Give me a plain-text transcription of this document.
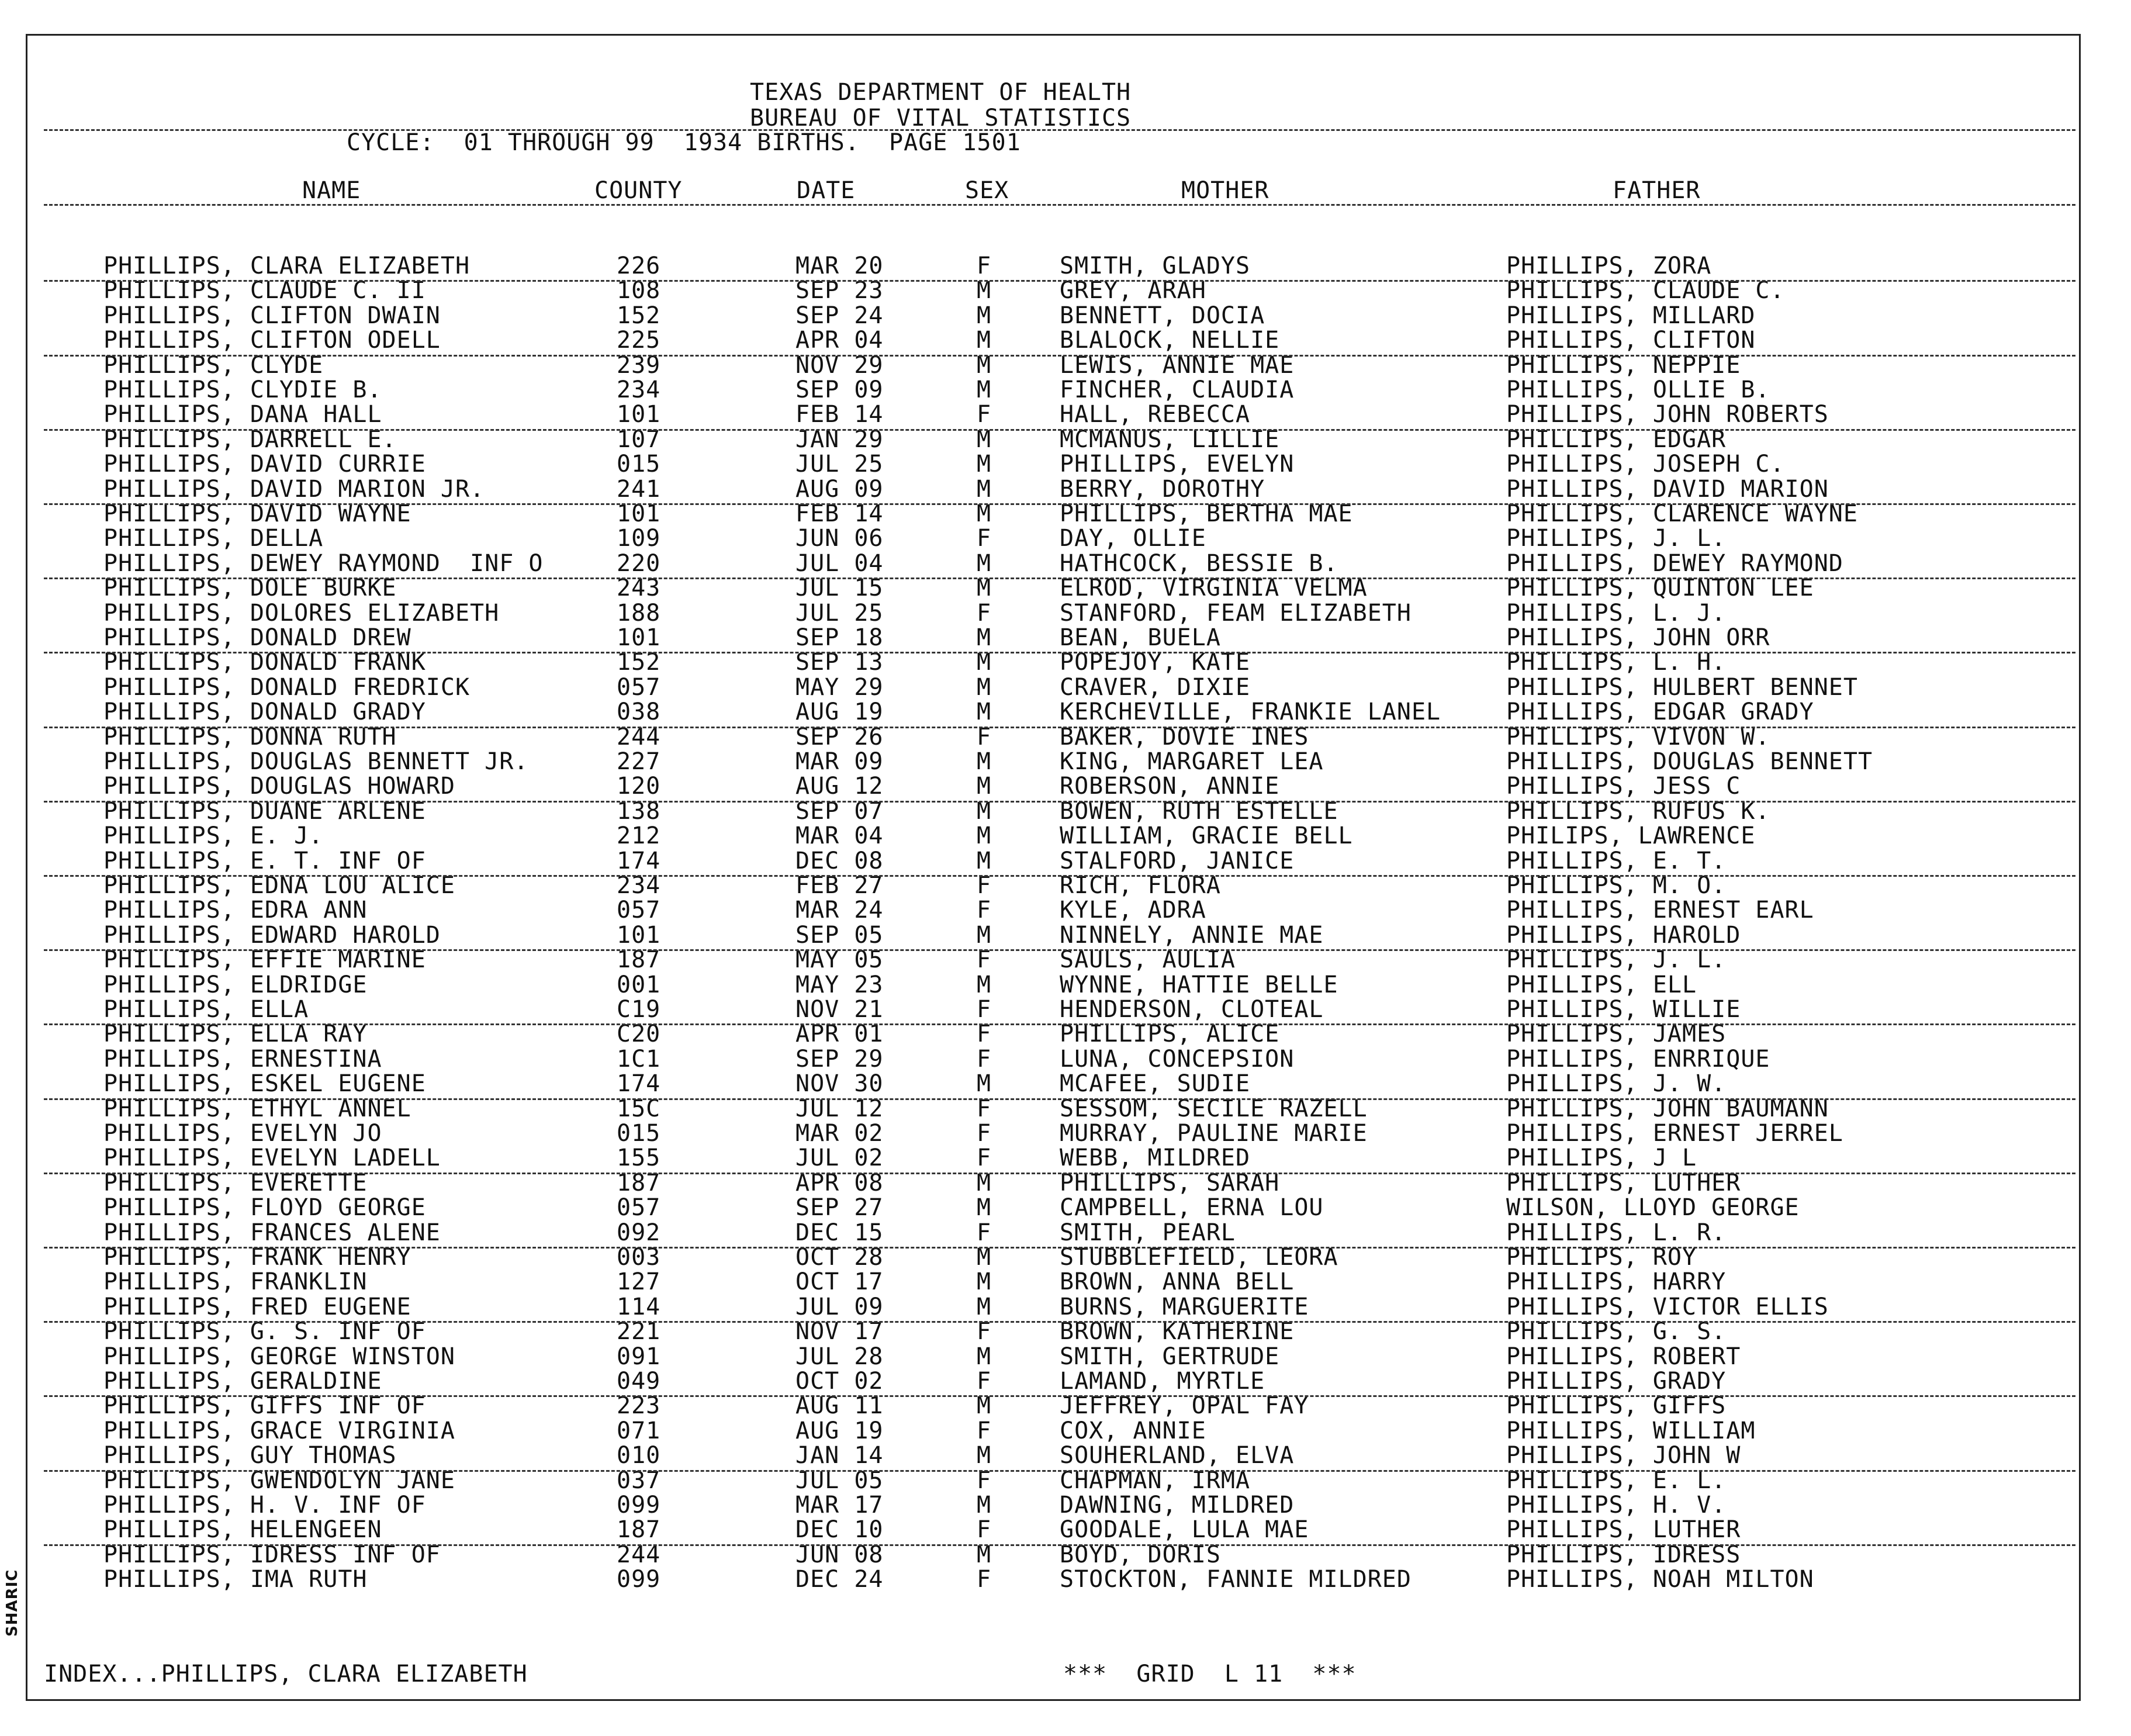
TEXAS DEPARTMENT OF HEALTH
BUREAU OF VITAL STATISTICS
CYCLE:  01 THROUGH 99  1934 BIRTHS.  PAGE 1501
NAME	COUNTY	DATE	SEX	MOTHER	FATHER
PHILLIPS, CLARA ELIZABETH	226	MAR 20	F	SMITH, GLADYS	PHILLIPS, ZORA
PHILLIPS, CLAUDE C. II	108	SEP 23	M	GREY, ARAH	PHILLIPS, CLAUDE C.
PHILLIPS, CLIFTON DWAIN	152	SEP 24	M	BENNETT, DOCIA	PHILLIPS, MILLARD
PHILLIPS, CLIFTON ODELL	225	APR 04	M	BLALOCK, NELLIE	PHILLIPS, CLIFTON
PHILLIPS, CLYDE	239	NOV 29	M	LEWIS, ANNIE MAE	PHILLIPS, NEPPIE
PHILLIPS, CLYDIE B.	234	SEP 09	M	FINCHER, CLAUDIA	PHILLIPS, OLLIE B.
PHILLIPS, DANA HALL	101	FEB 14	F	HALL, REBECCA	PHILLIPS, JOHN ROBERTS
PHILLIPS, DARRELL E.	107	JAN 29	M	MCMANUS, LILLIE	PHILLIPS, EDGAR
PHILLIPS, DAVID CURRIE	015	JUL 25	M	PHILLIPS, EVELYN	PHILLIPS, JOSEPH C.
PHILLIPS, DAVID MARION JR.	241	AUG 09	M	BERRY, DOROTHY	PHILLIPS, DAVID MARION
PHILLIPS, DAVID WAYNE	101	FEB 14	M	PHILLIPS, BERTHA MAE	PHILLIPS, CLARENCE WAYNE
PHILLIPS, DELLA	109	JUN 06	F	DAY, OLLIE	PHILLIPS, J. L.
PHILLIPS, DEWEY RAYMOND  INF O	220	JUL 04	M	HATHCOCK, BESSIE B.	PHILLIPS, DEWEY RAYMOND
PHILLIPS, DOLE BURKE	243	JUL 15	M	ELROD, VIRGINIA VELMA	PHILLIPS, QUINTON LEE
PHILLIPS, DOLORES ELIZABETH	188	JUL 25	F	STANFORD, FEAM ELIZABETH	PHILLIPS, L. J.
PHILLIPS, DONALD DREW	101	SEP 18	M	BEAN, BUELA	PHILLIPS, JOHN ORR
PHILLIPS, DONALD FRANK	152	SEP 13	M	POPEJOY, KATE	PHILLIPS, L. H.
PHILLIPS, DONALD FREDRICK	057	MAY 29	M	CRAVER, DIXIE	PHILLIPS, HULBERT BENNET
PHILLIPS, DONALD GRADY	038	AUG 19	M	KERCHEVILLE, FRANKIE LANEL	PHILLIPS, EDGAR GRADY
PHILLIPS, DONNA RUTH	244	SEP 26	F	BAKER, DOVIE INES	PHILLIPS, VIVON W.
PHILLIPS, DOUGLAS BENNETT JR.	227	MAR 09	M	KING, MARGARET LEA	PHILLIPS, DOUGLAS BENNETT
PHILLIPS, DOUGLAS HOWARD	120	AUG 12	M	ROBERSON, ANNIE	PHILLIPS, JESS C
PHILLIPS, DUANE ARLENE	138	SEP 07	M	BOWEN, RUTH ESTELLE	PHILLIPS, RUFUS K.
PHILLIPS, E. J.	212	MAR 04	M	WILLIAM, GRACIE BELL	PHILIPS, LAWRENCE
PHILLIPS, E. T. INF OF	174	DEC 08	M	STALFORD, JANICE	PHILLIPS, E. T.
PHILLIPS, EDNA LOU ALICE	234	FEB 27	F	RICH, FLORA	PHILLIPS, M. O.
PHILLIPS, EDRA ANN	057	MAR 24	F	KYLE, ADRA	PHILLIPS, ERNEST EARL
PHILLIPS, EDWARD HAROLD	101	SEP 05	M	NINNELY, ANNIE MAE	PHILLIPS, HAROLD
PHILLIPS, EFFIE MARINE	187	MAY 05	F	SAULS, AULIA	PHILLIPS, J. L.
PHILLIPS, ELDRIDGE	001	MAY 23	M	WYNNE, HATTIE BELLE	PHILLIPS, ELL
PHILLIPS, ELLA	C19	NOV 21	F	HENDERSON, CLOTEAL	PHILLIPS, WILLIE
PHILLIPS, ELLA RAY	C20	APR 01	F	PHILLIPS, ALICE	PHILLIPS, JAMES
PHILLIPS, ERNESTINA	1C1	SEP 29	F	LUNA, CONCEPSION	PHILLIPS, ENRRIQUE
PHILLIPS, ESKEL EUGENE	174	NOV 30	M	MCAFEE, SUDIE	PHILLIPS, J. W.
PHILLIPS, ETHYL ANNEL	15C	JUL 12	F	SESSOM, SECILE RAZELL	PHILLIPS, JOHN BAUMANN
PHILLIPS, EVELYN JO	015	MAR 02	F	MURRAY, PAULINE MARIE	PHILLIPS, ERNEST JERREL
PHILLIPS, EVELYN LADELL	155	JUL 02	F	WEBB, MILDRED	PHILLIPS, J L
PHILLIPS, EVERETTE	187	APR 08	M	PHILLIPS, SARAH	PHILLIPS, LUTHER
PHILLIPS, FLOYD GEORGE	057	SEP 27	M	CAMPBELL, ERNA LOU	WILSON, LLOYD GEORGE
PHILLIPS, FRANCES ALENE	092	DEC 15	F	SMITH, PEARL	PHILLIPS, L. R.
PHILLIPS, FRANK HENRY	003	OCT 28	M	STUBBLEFIELD, LEORA	PHILLIPS, ROY
PHILLIPS, FRANKLIN	127	OCT 17	M	BROWN, ANNA BELL	PHILLIPS, HARRY
PHILLIPS, FRED EUGENE	114	JUL 09	M	BURNS, MARGUERITE	PHILLIPS, VICTOR ELLIS
PHILLIPS, G. S. INF OF	221	NOV 17	F	BROWN, KATHERINE	PHILLIPS, G. S.
PHILLIPS, GEORGE WINSTON	091	JUL 28	M	SMITH, GERTRUDE	PHILLIPS, ROBERT
PHILLIPS, GERALDINE	049	OCT 02	F	LAMAND, MYRTLE	PHILLIPS, GRADY
PHILLIPS, GIFFS INF OF	223	AUG 11	M	JEFFREY, OPAL FAY	PHILLIPS, GIFFS
PHILLIPS, GRACE VIRGINIA	071	AUG 19	F	COX, ANNIE	PHILLIPS, WILLIAM
PHILLIPS, GUY THOMAS	010	JAN 14	M	SOUHERLAND, ELVA	PHILLIPS, JOHN W
PHILLIPS, GWENDOLYN JANE	037	JUL 05	F	CHAPMAN, IRMA	PHILLIPS, E. L.
PHILLIPS, H. V. INF OF	099	MAR 17	M	DAWNING, MILDRED	PHILLIPS, H. V.
PHILLIPS, HELENGEEN	187	DEC 10	F	GOODALE, LULA MAE	PHILLIPS, LUTHER
PHILLIPS, IDRESS INF OF	244	JUN 08	M	BOYD, DORIS	PHILLIPS, IDRESS
PHILLIPS, IMA RUTH	099	DEC 24	F	STOCKTON, FANNIE MILDRED	PHILLIPS, NOAH MILTON
INDEX...PHILLIPS, CLARA ELIZABETH	***  GRID  L 11  ***
SHARIC
